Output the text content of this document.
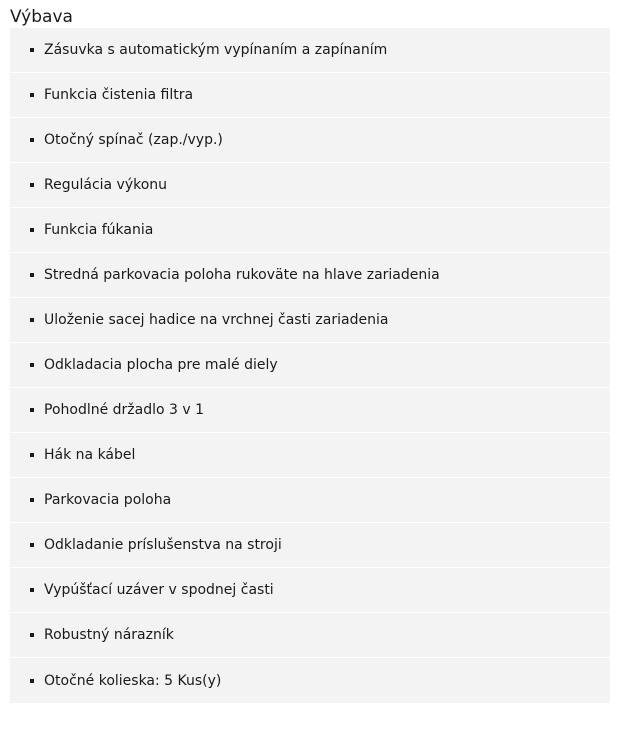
Výbava
Zásuvka s automatickým vypínaním a zapínaním
Funkcia čistenia filtra
Otočný spínač (zap./vyp.)
Regulácia výkonu
Funkcia fúkania
Stredná parkovacia poloha rukoväte na hlave zariadenia
Uloženie sacej hadice na vrchnej časti zariadenia
Odkladacia plocha pre malé diely
Pohodlné držadlo 3 v 1
Hák na kábel
Parkovacia poloha
Odkladanie príslušenstva na stroji
Vypúšťací uzáver v spodnej časti
Robustný nárazník
Otočné kolieska: 5 Kus(y)
